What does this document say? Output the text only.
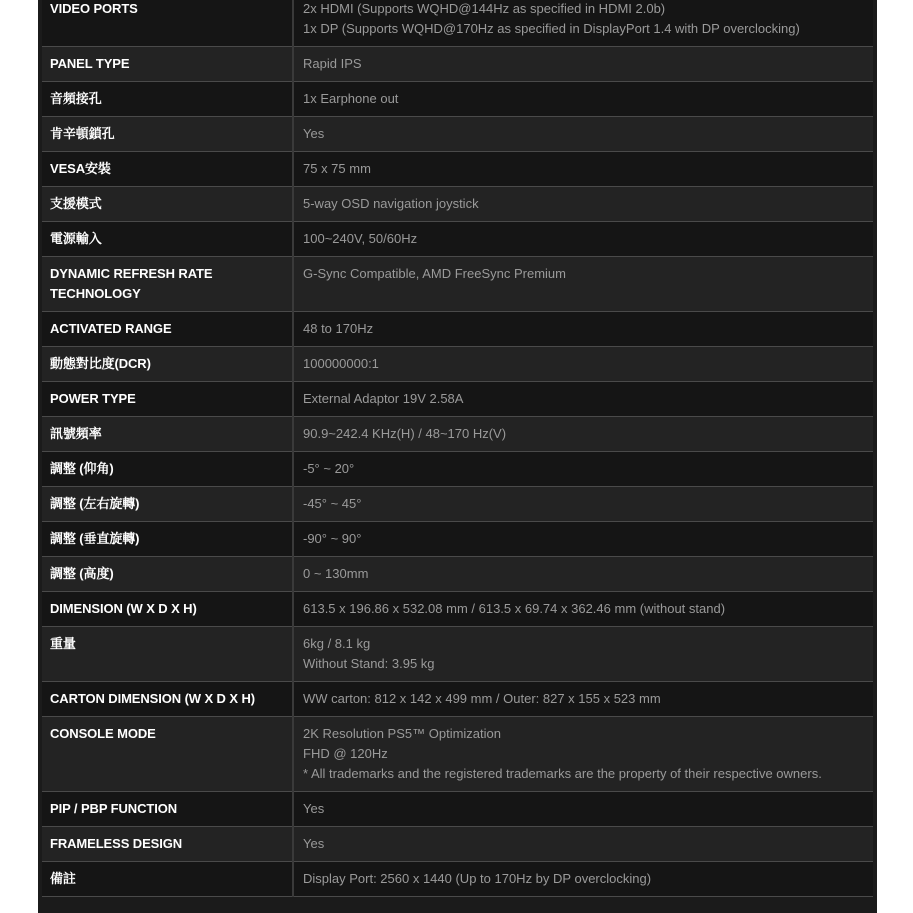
VIDEO PORTS	2x HDMI (Supports WQHD@144Hz as specified in HDMI 2.0b)
1x DP (Supports WQHD@170Hz as specified in DisplayPort 1.4 with DP overclocking)

PANEL TYPE	Rapid IPS

音頻接孔	1x Earphone out

肯辛頓鎖孔	Yes

VESA安裝	75 x 75 mm

支援模式	5-way OSD navigation joystick

電源輸入	100~240V, 50/60Hz

DYNAMIC REFRESH RATE TECHNOLOGY	G-Sync Compatible, AMD FreeSync Premium

ACTIVATED RANGE	48 to 170Hz

動態對比度(DCR)	100000000:1

POWER TYPE	External Adaptor 19V 2.58A

訊號頻率	90.9~242.4 KHz(H) / 48~170 Hz(V)

調整 (仰角)	-5° ~ 20°

調整 (左右旋轉)	-45° ~ 45°

調整 (垂直旋轉)	-90° ~ 90°

調整 (高度)	0 ~ 130mm

DIMENSION (W X D X H)	613.5 x 196.86 x 532.08 mm / 613.5 x 69.74 x 362.46 mm (without stand)

重量	6kg / 8.1 kg
Without Stand: 3.95 kg

CARTON DIMENSION (W X D X H)	WW carton: 812 x 142 x 499 mm / Outer: 827 x 155 x 523 mm

CONSOLE MODE	2K Resolution PS5™ Optimization
FHD @ 120Hz
* All trademarks and the registered trademarks are the property of their respective owners.

PIP / PBP FUNCTION	Yes

FRAMELESS DESIGN	Yes

備註	Display Port: 2560 x 1440 (Up to 170Hz by DP overclocking)
